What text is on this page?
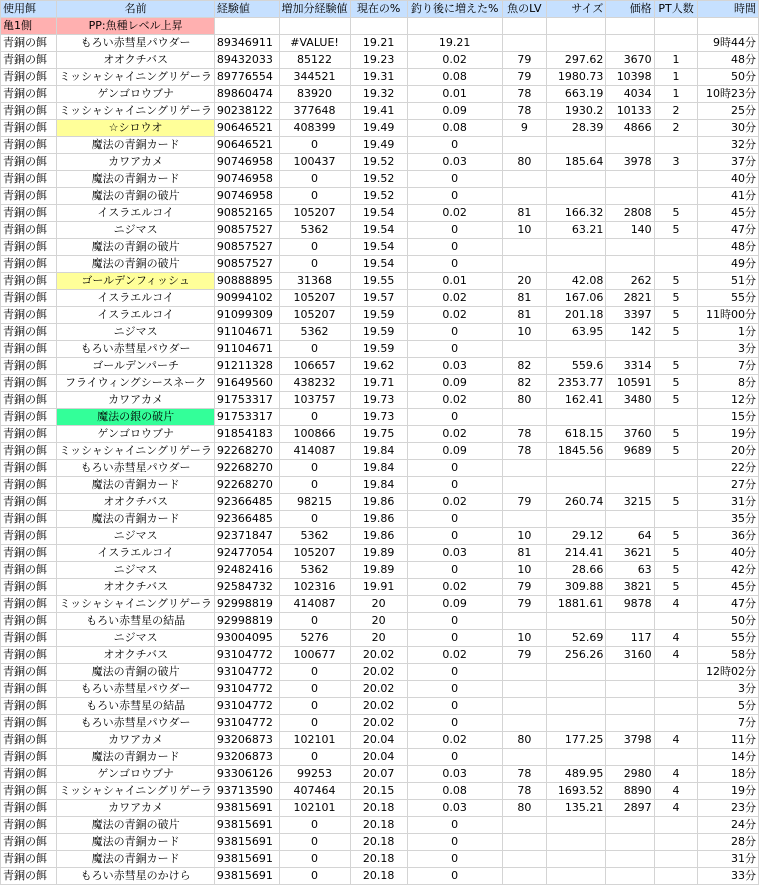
使用餌	名前	経験値	増加分経験値	現在の%	釣り後に増えた%	魚のLV	サイズ	価格	PT人数	時間
亀1側	PP:魚種レベル上昇									
青銅の餌	もろい赤彗星パウダー	89346911	#VALUE!	19.21	19.21					9時44分
青銅の餌	オオクチバス	89432033	85122	19.23	0.02	79	297.62	3670	1	48分
青銅の餌	ミッシャシャイニングリゲーラ	89776554	344521	19.31	0.08	79	1980.73	10398	1	50分
青銅の餌	ゲンゴロウブナ	89860474	83920	19.32	0.01	78	663.19	4034	1	10時23分
青銅の餌	ミッシャシャイニングリゲーラ	90238122	377648	19.41	0.09	78	1930.2	10133	2	25分
青銅の餌	☆シロウオ	90646521	408399	19.49	0.08	9	28.39	4866	2	30分
青銅の餌	魔法の青銅カード	90646521	0	19.49	0					32分
青銅の餌	カワアカメ	90746958	100437	19.52	0.03	80	185.64	3978	3	37分
青銅の餌	魔法の青銅カード	90746958	0	19.52	0					40分
青銅の餌	魔法の青銅の破片	90746958	0	19.52	0					41分
青銅の餌	イスラエルコイ	90852165	105207	19.54	0.02	81	166.32	2808	5	45分
青銅の餌	ニジマス	90857527	5362	19.54	0	10	63.21	140	5	47分
青銅の餌	魔法の青銅の破片	90857527	0	19.54	0					48分
青銅の餌	魔法の青銅の破片	90857527	0	19.54	0					49分
青銅の餌	ゴールデンフィッシュ	90888895	31368	19.55	0.01	20	42.08	262	5	51分
青銅の餌	イスラエルコイ	90994102	105207	19.57	0.02	81	167.06	2821	5	55分
青銅の餌	イスラエルコイ	91099309	105207	19.59	0.02	81	201.18	3397	5	11時00分
青銅の餌	ニジマス	91104671	5362	19.59	0	10	63.95	142	5	1分
青銅の餌	もろい赤彗星パウダー	91104671	0	19.59	0					3分
青銅の餌	ゴールデンパーチ	91211328	106657	19.62	0.03	82	559.6	3314	5	7分
青銅の餌	フライウィングシースネーク	91649560	438232	19.71	0.09	82	2353.77	10591	5	8分
青銅の餌	カワアカメ	91753317	103757	19.73	0.02	80	162.41	3480	5	12分
青銅の餌	魔法の銀の破片	91753317	0	19.73	0					15分
青銅の餌	ゲンゴロウブナ	91854183	100866	19.75	0.02	78	618.15	3760	5	19分
青銅の餌	ミッシャシャイニングリゲーラ	92268270	414087	19.84	0.09	78	1845.56	9689	5	20分
青銅の餌	もろい赤彗星パウダー	92268270	0	19.84	0					22分
青銅の餌	魔法の青銅カード	92268270	0	19.84	0					27分
青銅の餌	オオクチバス	92366485	98215	19.86	0.02	79	260.74	3215	5	31分
青銅の餌	魔法の青銅カード	92366485	0	19.86	0					35分
青銅の餌	ニジマス	92371847	5362	19.86	0	10	29.12	64	5	36分
青銅の餌	イスラエルコイ	92477054	105207	19.89	0.03	81	214.41	3621	5	40分
青銅の餌	ニジマス	92482416	5362	19.89	0	10	28.66	63	5	42分
青銅の餌	オオクチバス	92584732	102316	19.91	0.02	79	309.88	3821	5	45分
青銅の餌	ミッシャシャイニングリゲーラ	92998819	414087	20	0.09	79	1881.61	9878	4	47分
青銅の餌	もろい赤彗星の結晶	92998819	0	20	0					50分
青銅の餌	ニジマス	93004095	5276	20	0	10	52.69	117	4	55分
青銅の餌	オオクチバス	93104772	100677	20.02	0.02	79	256.26	3160	4	58分
青銅の餌	魔法の青銅の破片	93104772	0	20.02	0					12時02分
青銅の餌	もろい赤彗星パウダー	93104772	0	20.02	0					3分
青銅の餌	もろい赤彗星の結晶	93104772	0	20.02	0					5分
青銅の餌	もろい赤彗星パウダー	93104772	0	20.02	0					7分
青銅の餌	カワアカメ	93206873	102101	20.04	0.02	80	177.25	3798	4	11分
青銅の餌	魔法の青銅カード	93206873	0	20.04	0					14分
青銅の餌	ゲンゴロウブナ	93306126	99253	20.07	0.03	78	489.95	2980	4	18分
青銅の餌	ミッシャシャイニングリゲーラ	93713590	407464	20.15	0.08	78	1693.52	8890	4	19分
青銅の餌	カワアカメ	93815691	102101	20.18	0.03	80	135.21	2897	4	23分
青銅の餌	魔法の青銅の破片	93815691	0	20.18	0					24分
青銅の餌	魔法の青銅カード	93815691	0	20.18	0					28分
青銅の餌	魔法の青銅カード	93815691	0	20.18	0					31分
青銅の餌	もろい赤彗星のかけら	93815691	0	20.18	0					33分
